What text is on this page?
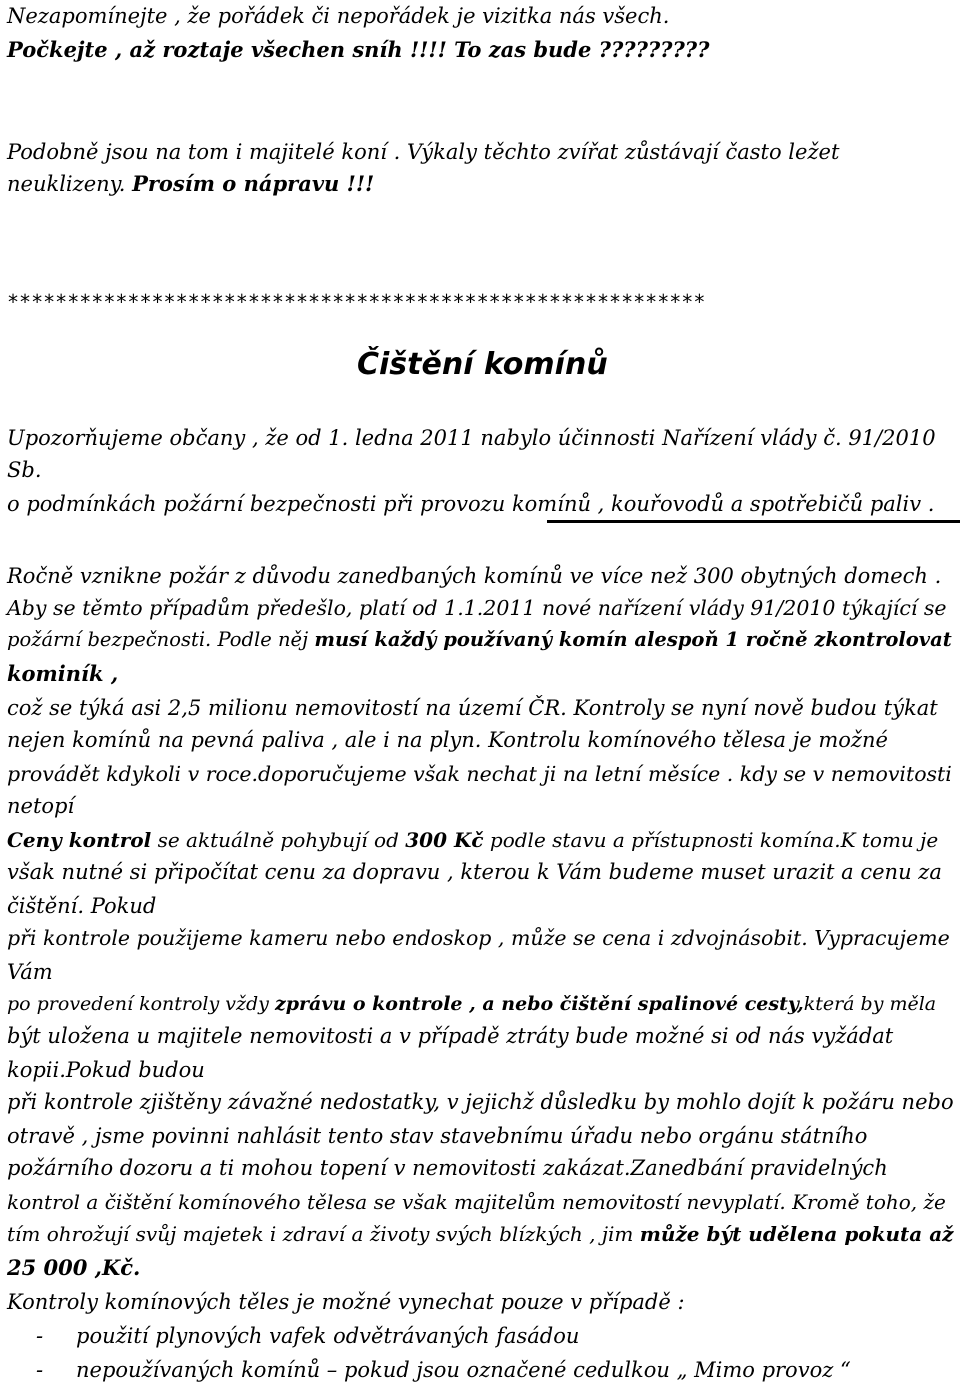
Nezapomínejte , že pořádek či nepořádek je vizitka nás všech.

Počkejte , až roztaje všechen sníh !!!! To zas bude ?????????

Podobně jsou na tom i majitelé koní . Výkaly těchto zvířat zůstávají často ležet

neuklizeny. Prosím o nápravu !!!

**********************************************************

Čištění komínů

Upozorňujeme občany , že od 1. ledna 2011 nabylo účinnosti Nařízení vlády č. 91/2010

Sb.

o podmínkách požární bezpečnosti při provozu komínů , kouřovodů a spotřebičů paliv .

Ročně vznikne požár z důvodu zanedbaných komínů ve více než 300 obytných domech .

Aby se těmto případům předešlo, platí od 1.1.2011 nové nařízení vlády 91/2010 týkající se

požární bezpečnosti. Podle něj musí každý používaný komín alespoň 1 ročně zkontrolovat

kominík ,

což se týká asi 2,5 milionu nemovitostí na území ČR. Kontroly se nyní nově budou týkat

nejen komínů na pevná paliva , ale i na plyn. Kontrolu komínového tělesa je možné

provádět kdykoli v roce.doporučujeme však nechat ji na letní měsíce . kdy se v nemovitosti

netopí

Ceny kontrol se aktuálně pohybují od 300 Kč podle stavu a přístupnosti komína.K tomu je

však nutné si připočítat cenu za dopravu , kterou k Vám budeme muset urazit a cenu za

čištění. Pokud

při kontrole použijeme kameru nebo endoskop , může se cena i zdvojnásobit. Vypracujeme

Vám

po provedení kontroly vždy zprávu o kontrole , a nebo čištění spalinové cesty,která by měla

být uložena u majitele nemovitosti a v případě ztráty bude možné si od nás vyžádat

kopii.Pokud budou

při kontrole zjištěny závažné nedostatky, v jejichž důsledku by mohlo dojít k požáru nebo

otravě , jsme povinni nahlásit tento stav stavebnímu úřadu nebo orgánu státního

požárního dozoru a ti mohou topení v nemovitosti zakázat.Zanedbání pravidelných

kontrol a čištění komínového tělesa se však majitelům nemovitostí nevyplatí. Kromě toho, že

tím ohrožují svůj majetek i zdraví a životy svých blízkých , jim může být udělena pokuta až

25 000 ,Kč.

Kontroly komínových těles je možné vynechat pouze v případě :

- použití plynových vafek odvětrávaných fasádou

- nepoužívaných komínů – pokud jsou označené cedulkou „ Mimo provoz “
